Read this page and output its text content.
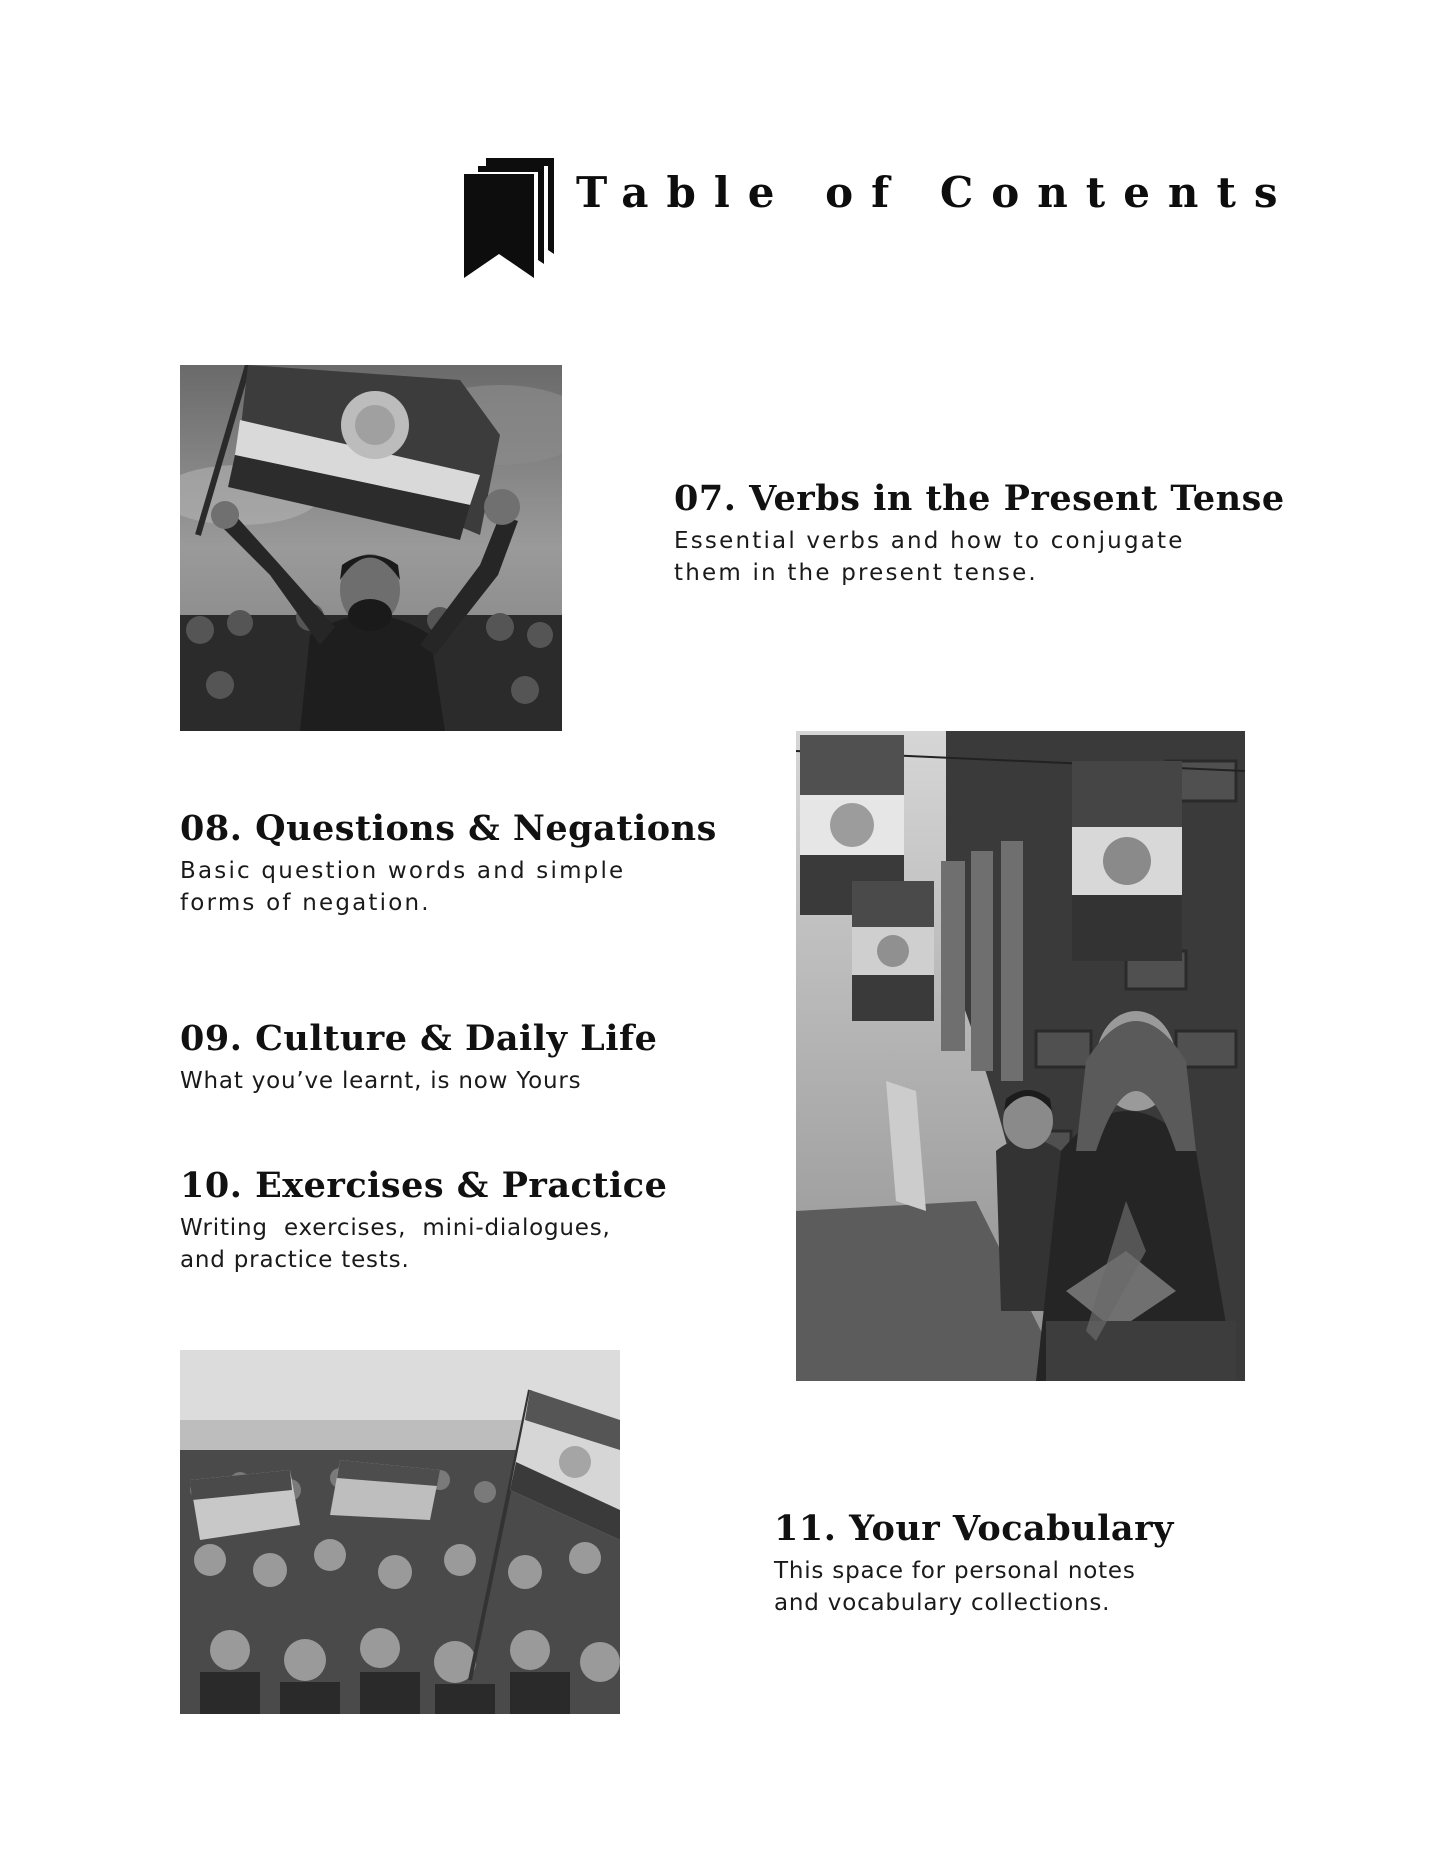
Table of Contents
07. Verbs in the Present Tense

Essential verbs and how to conjugate
them in the present tense.

08. Questions & Negations

Basic question words and simple
forms of negation.

09. Culture & Daily Life

What you’ve learnt, is now Yours

10. Exercises & Practice

Writing  exercises,  mini-dialogues,
and practice tests.

11. Your Vocabulary

This space for personal notes
and vocabulary collections.
